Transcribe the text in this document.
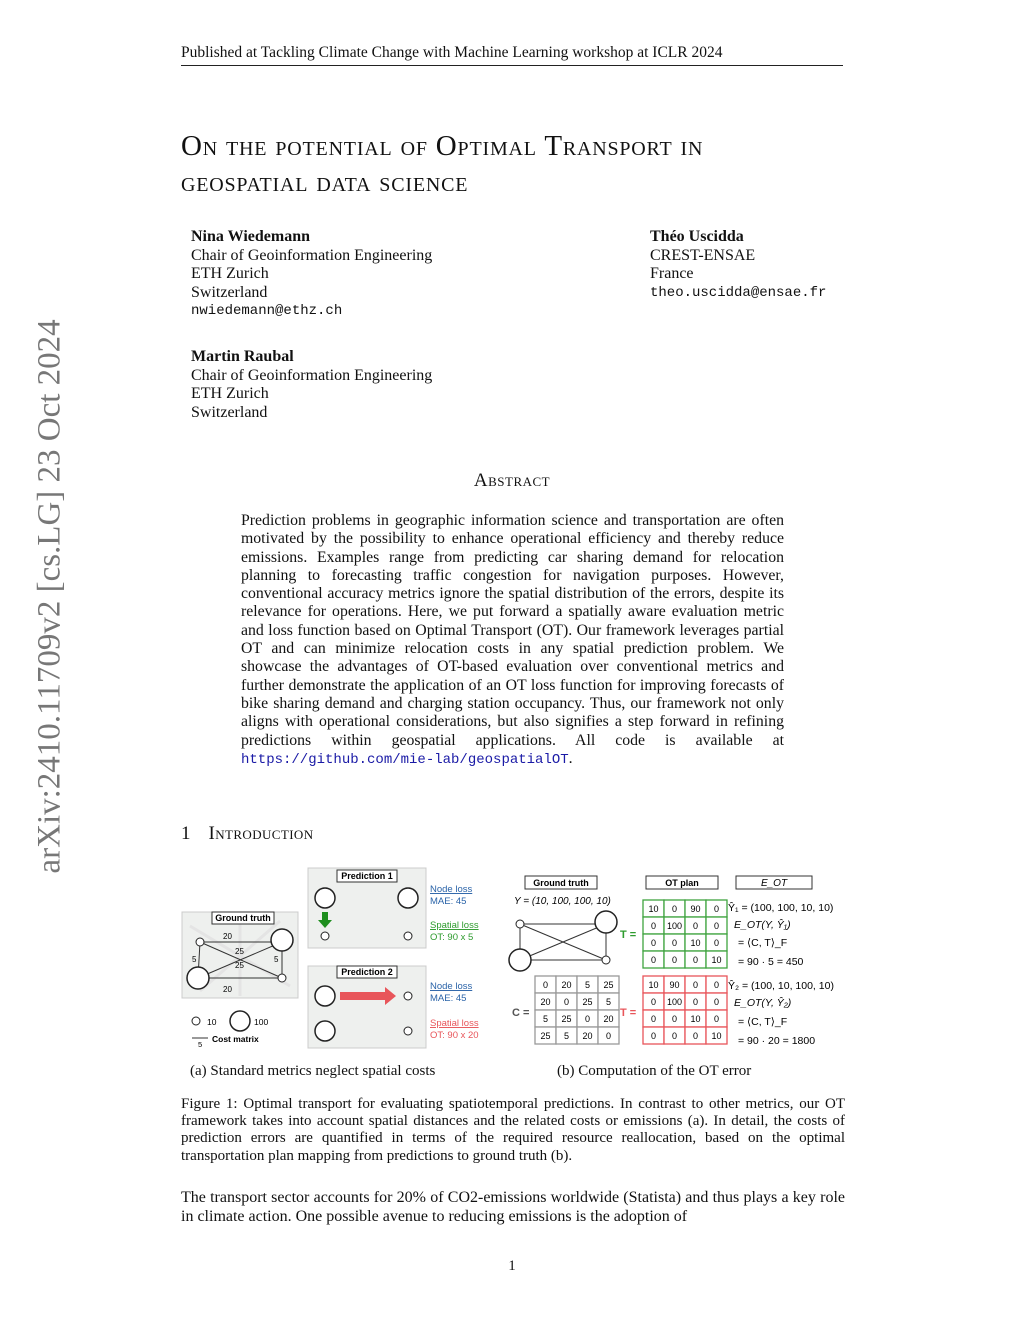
Published at Tackling Climate Change with Machine Learning workshop at ICLR 2024
On the potential of Optimal Transport in
geospatial data science
Nina Wiedemann
Chair of Geoinformation Engineering
ETH Zurich
Switzerland
nwiedemann@ethz.ch
Théo Uscidda
CREST-ENSAE
France
theo.uscidda@ensae.fr
Martin Raubal
Chair of Geoinformation Engineering
ETH Zurich
Switzerland
arXiv:2410.11709v2 [cs.LG] 23 Oct 2024	Abstract
Prediction problems in geographic information science and transportation are often motivated by the possibility to enhance operational efficiency and thereby reduce emissions. Examples range from predicting car sharing demand for relocation planning to forecasting traffic congestion for navigation purposes. However, conventional accuracy metrics ignore the spatial distribution of the errors, despite its relevance for operations. Here, we put forward a spatially aware evaluation metric and loss function based on Optimal Transport (OT). Our framework leverages partial OT and can minimize relocation costs in any spatial prediction problem. We showcase the advantages of OT-based evaluation over conventional metrics and further demonstrate the application of an OT loss function for improving forecasts of bike sharing demand and charging station occupancy. Thus, our framework not only aligns with operational considerations, but also signifies a step forward in refining predictions within geospatial applications. All code is available at https://github.com/mie-lab/geospatialOT.
1 Introduction
Ground truth
20
25
25
20
5	5
Prediction 1
Node loss
MAE: 45
Spatial loss
OT: 90 x 5
Prediction 2
Node loss
MAE: 45
Spatial loss
OT: 90 x 20
10	100
5
Cost matrix
Ground truth
Y = (10, 100, 100, 10)
C =
0 20 5 25
20 0 25 5
5 25 0 20
25 5 20 0
OT plan
T =
T =
10 0 90 0
0 100 0 0
0 0 10 0
0 0 0 10
10 90 0 0
0 100 0 0
0 0 10 0
0 0 0 10
E_OT
Ŷ₁ = (100, 100, 10, 10)
E_OT(Y, Ŷ₁)
= ⟨C, T⟩_F
= 90 · 5 = 450
Ŷ₂ = (100, 10, 100, 10)
E_OT(Y, Ŷ₂)
= ⟨C, T⟩_F
= 90 · 20 = 1800
(a) Standard metrics neglect spatial costs	(b) Computation of the OT error
Figure 1: Optimal transport for evaluating spatiotemporal predictions. In contrast to other metrics, our OT framework takes into account spatial distances and the related costs or emissions (a). In detail, the costs of prediction errors are quantified in terms of the required resource reallocation, based on the optimal transportation plan mapping from predictions to ground truth (b).
The transport sector accounts for 20% of CO2-emissions worldwide (Statista) and thus plays a key role in climate action. One possible avenue to reducing emissions is the adoption of
1
